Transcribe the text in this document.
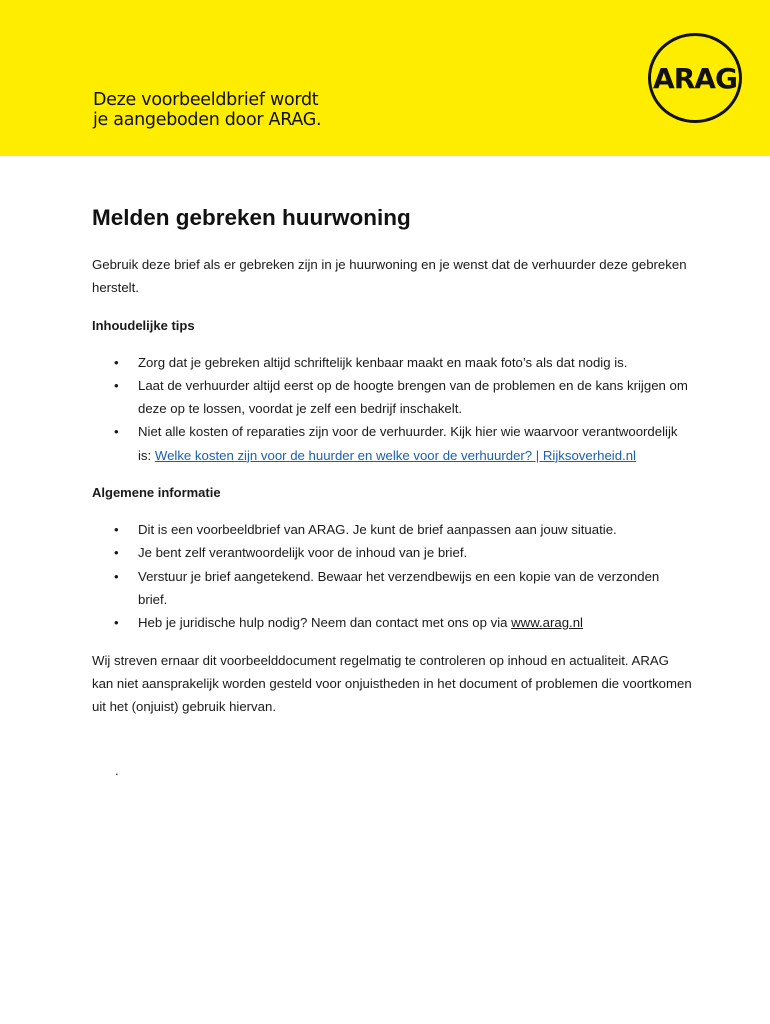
Deze voorbeeldbrief wordt
je aangeboden door ARAG.
ARAG
Melden gebreken huurwoning

Gebruik deze brief als er gebreken zijn in je huurwoning en je wenst dat de verhuurder deze gebreken herstelt.

Inhoudelijke tips
• Zorg dat je gebreken altijd schriftelijk kenbaar maakt en maak foto’s als dat nodig is.
• Laat de verhuurder altijd eerst op de hoogte brengen van de problemen en de kans krijgen om deze op te lossen, voordat je zelf een bedrijf inschakelt.
• Niet alle kosten of reparaties zijn voor de verhuurder. Kijk hier wie waarvoor verantwoordelijk is: Welke kosten zijn voor de huurder en welke voor de verhuurder? | Rijksoverheid.nl
Algemene informatie
• Dit is een voorbeeldbrief van ARAG. Je kunt de brief aanpassen aan jouw situatie.
• Je bent zelf verantwoordelijk voor de inhoud van je brief.
• Verstuur je brief aangetekend. Bewaar het verzendbewijs en een kopie van de verzonden brief.
• Heb je juridische hulp nodig? Neem dan contact met ons op via www.arag.nl

Wij streven ernaar dit voorbeelddocument regelmatig te controleren op inhoud en actualiteit. ARAG kan niet aansprakelijk worden gesteld voor onjuistheden in het document of problemen die voortkomen uit het (onjuist) gebruik hiervan.

.
